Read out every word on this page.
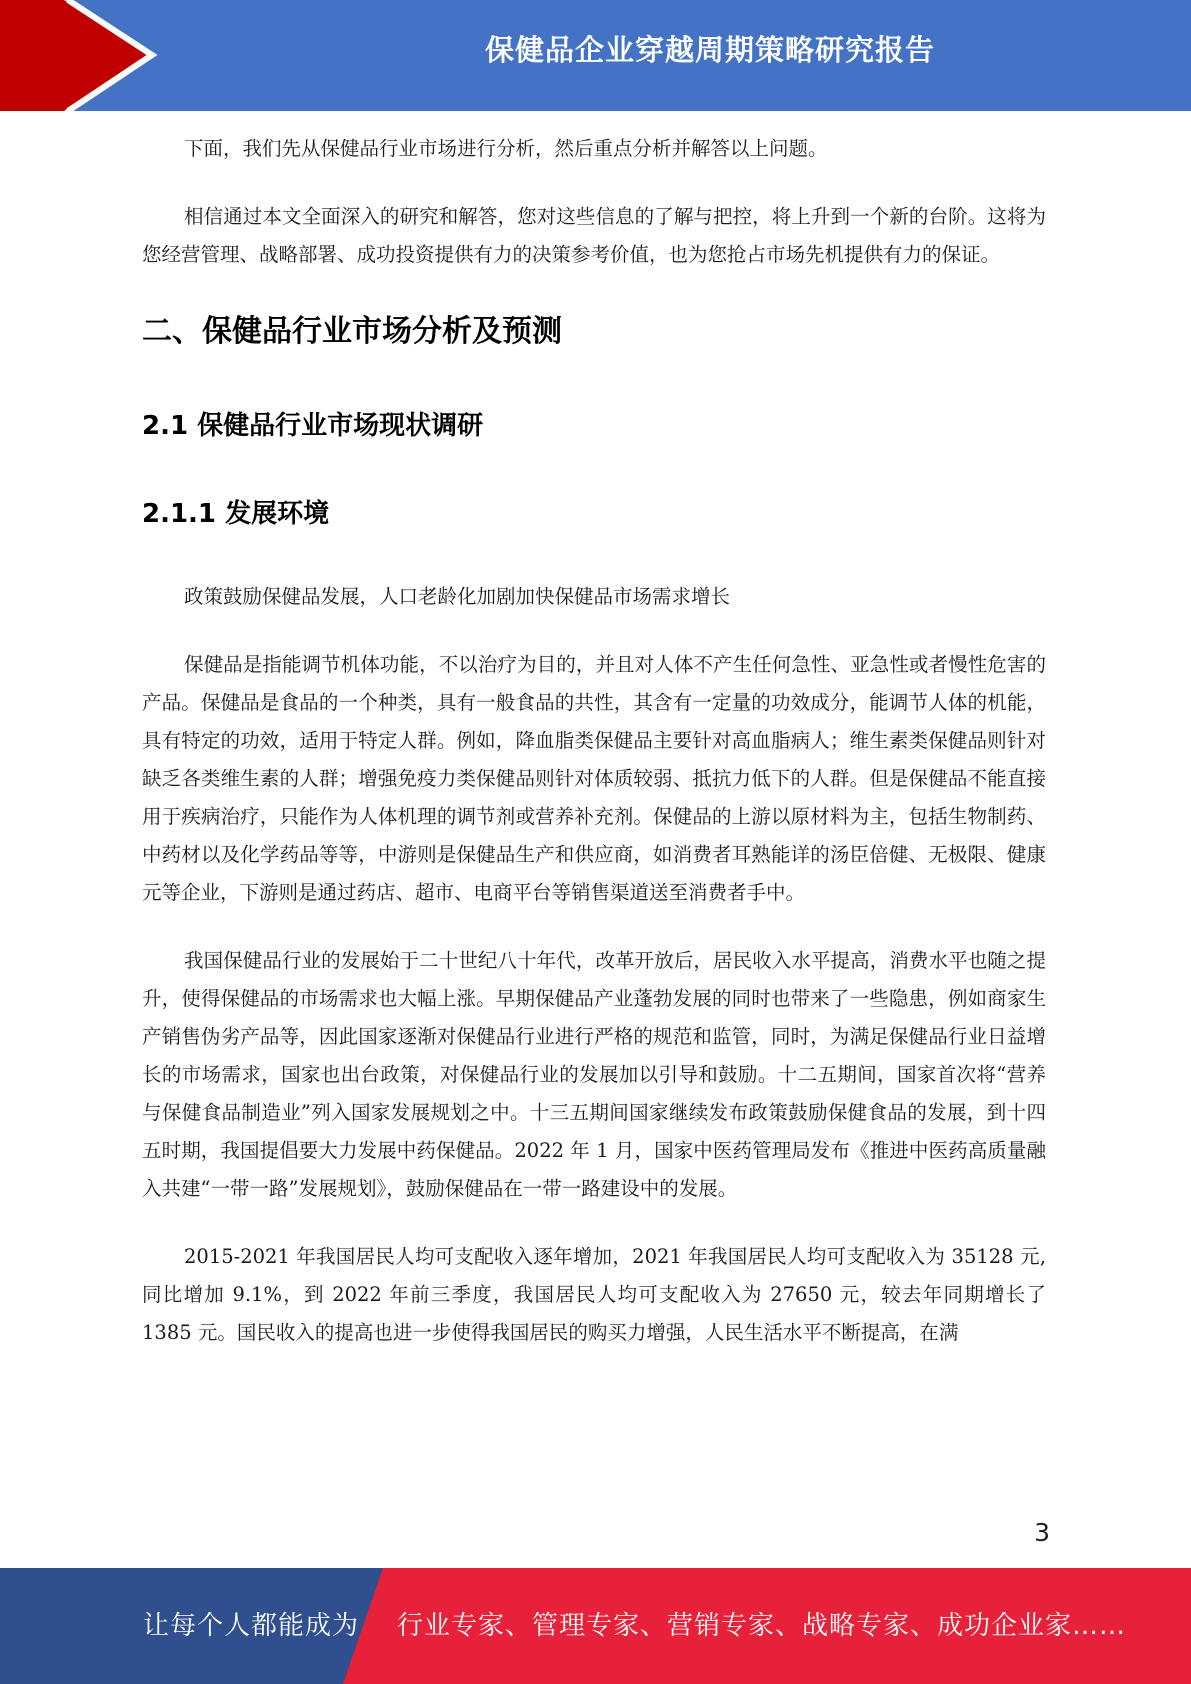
保健品企业穿越周期策略研究报告

下面，我们先从保健品行业市场进行分析，然后重点分析并解答以上问题。

相信通过本文全面深入的研究和解答，您对这些信息的了解与把控，将上升到一个新的台阶。这将为您经营管理、战略部署、成功投资提供有力的决策参考价值，也为您抢占市场先机提供有力的保证。

二、保健品行业市场分析及预测
2.1 保健品行业市场现状调研
2.1.1 发展环境

政策鼓励保健品发展，人口老龄化加剧加快保健品市场需求增长

保健品是指能调节机体功能，不以治疗为目的，并且对人体不产生任何急性、亚急性或者慢性危害的产品。保健品是食品的一个种类，具有一般食品的共性，其含有一定量的功效成分，能调节人体的机能，具有特定的功效，适用于特定人群。例如，降血脂类保健品主要针对高血脂病人；维生素类保健品则针对缺乏各类维生素的人群；增强免疫力类保健品则针对体质较弱、抵抗力低下的人群。但是保健品不能直接用于疾病治疗，只能作为人体机理的调节剂或营养补充剂。保健品的上游以原材料为主，包括生物制药、中药材以及化学药品等等，中游则是保健品生产和供应商，如消费者耳熟能详的汤臣倍健、无极限、健康元等企业，下游则是通过药店、超市、电商平台等销售渠道送至消费者手中。

我国保健品行业的发展始于二十世纪八十年代，改革开放后，居民收入水平提高，消费水平也随之提升，使得保健品的市场需求也大幅上涨。早期保健品产业蓬勃发展的同时也带来了一些隐患，例如商家生产销售伪劣产品等，因此国家逐渐对保健品行业进行严格的规范和监管，同时，为满足保健品行业日益增长的市场需求，国家也出台政策，对保健品行业的发展加以引导和鼓励。十二五期间，国家首次将“营养与保健食品制造业”列入国家发展规划之中。十三五期间国家继续发布政策鼓励保健食品的发展，到十四五时期，我国提倡要大力发展中药保健品。2022 年 1 月，国家中医药管理局发布《推进中医药高质量融入共建“一带一路”发展规划》，鼓励保健品在一带一路建设中的发展。

2015-2021 年我国居民人均可支配收入逐年增加，2021 年我国居民人均可支配收入为 35128 元,同比增加 9.1%，到 2022 年前三季度，我国居民人均可支配收入为 27650 元，较去年同期增长了 1385 元。国民收入的提高也进一步使得我国居民的购买力增强，人民生活水平不断提高，在满

3
让每个人都能成为 行业专家、管理专家、营销专家、战略专家、成功企业家……
